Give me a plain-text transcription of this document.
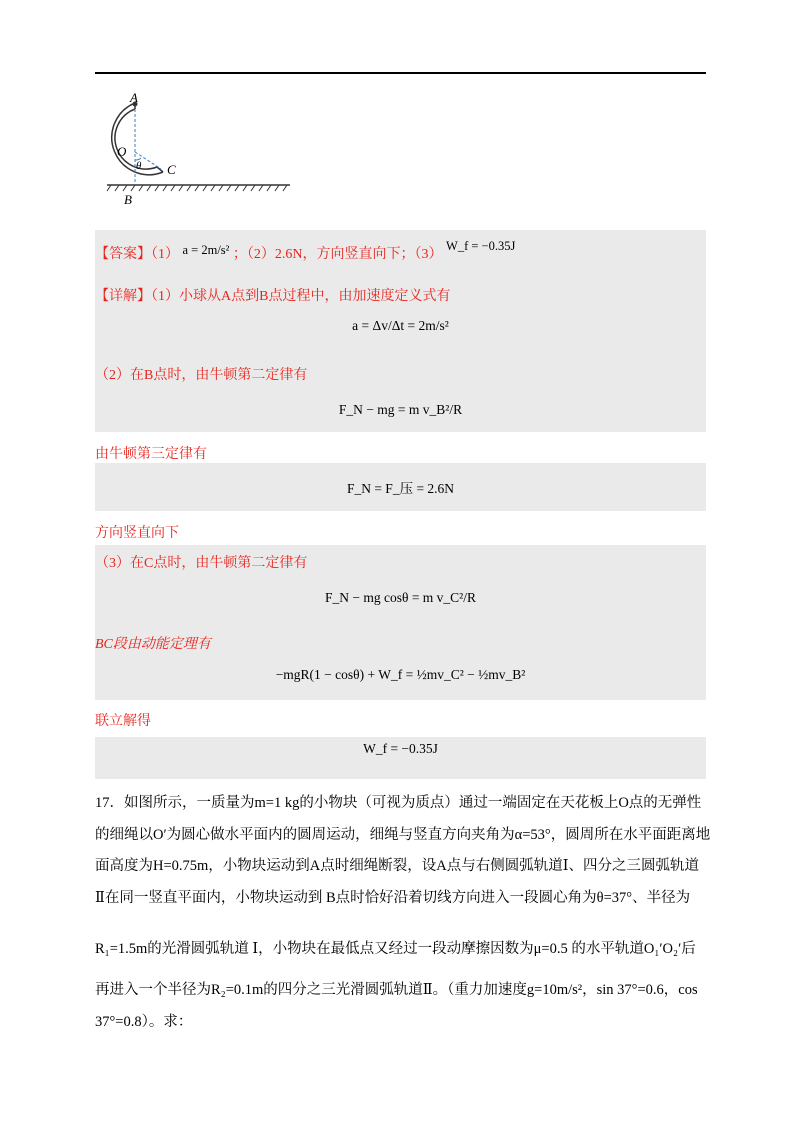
A
O
θ C
B
【答案】（1） a = 2m/s² ；（2）2.6N，方向竖直向下；（3） W_f = −0.35J
【详解】（1）小球从A点到B点过程中，由加速度定义式有
a = Δv/Δt = 2m/s²
（2）在B点时，由牛顿第二定律有
F_N − mg = m v_B²/R
由牛顿第三定律有
F_N = F_压 = 2.6N
方向竖直向下
（3）在C点时，由牛顿第二定律有
F_N − mg cosθ = m v_C²/R
BC段由动能定理有
−mgR(1 − cosθ) + W_f = ½mv_C² − ½mv_B²
联立解得
W_f = −0.35J
17．如图所示，一质量为m=1 kg的小物块（可视为质点）通过一端固定在天花板上O点的无弹性
的细绳以O′为圆心做水平面内的圆周运动，细绳与竖直方向夹角为α=53°，圆周所在水平面距离地
面高度为H=0.75m，小物块运动到A点时细绳断裂，设A点与右侧圆弧轨道Ⅰ、四分之三圆弧轨道
Ⅱ在同一竖直平面内，小物块运动到 B点时恰好沿着切线方向进入一段圆心角为θ=37°、半径为
R₁=1.5m的光滑圆弧轨道 Ⅰ，小物块在最低点又经过一段动摩擦因数为μ=0.5 的水平轨道O₁′O₂′后
再进入一个半径为R₂=0.1m的四分之三光滑圆弧轨道Ⅱ。（重力加速度g=10m/s²，sin 37°=0.6，cos
37°=0.8）。求：
